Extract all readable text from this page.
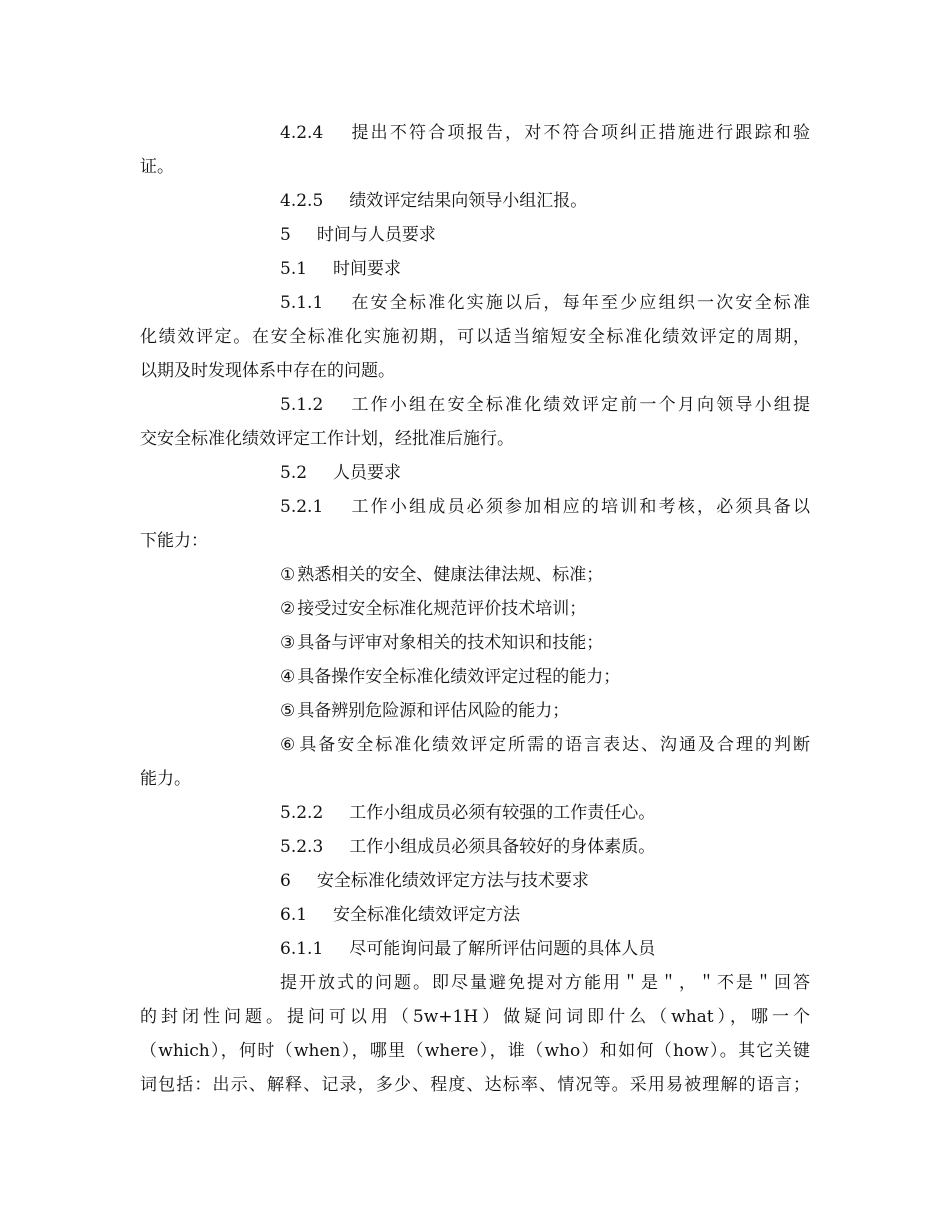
4.2.4 提出不符合项报告，对不符合项纠正措施进行跟踪和验
证。
4.2.5 绩效评定结果向领导小组汇报。
5 时间与人员要求
5.1 时间要求
5.1.1 在安全标准化实施以后，每年至少应组织一次安全标准
化绩效评定。在安全标准化实施初期，可以适当缩短安全标准化绩效评定的周期，
以期及时发现体系中存在的问题。
5.1.2 工作小组在安全标准化绩效评定前一个月向领导小组提
交安全标准化绩效评定工作计划，经批准后施行。
5.2 人员要求
5.2.1 工作小组成员必须参加相应的培训和考核，必须具备以
下能力：
① 熟悉相关的安全、健康法律法规、标准；
② 接受过安全标准化规范评价技术培训；
③ 具备与评审对象相关的技术知识和技能；
④ 具备操作安全标准化绩效评定过程的能力；
⑤ 具备辨别危险源和评估风险的能力；
⑥ 具备安全标准化绩效评定所需的语言表达、沟通及合理的判断
能力。
5.2.2 工作小组成员必须有较强的工作责任心。
5.2.3 工作小组成员必须具备较好的身体素质。
6 安全标准化绩效评定方法与技术要求
6.1 安全标准化绩效评定方法
6.1.1 尽可能询问最了解所评估问题的具体人员
提开放式的问题。即尽量避免提对方能用＂是＂，＂不是＂回答
的封闭性问题。提问可以用（5w+1H）做疑问词即什么（what），哪一个
（which），何时（when），哪里（where），谁（who）和如何（how）。其它关键
词包括：出示、解释、记录，多少、程度、达标率、情况等。采用易被理解的语言；
